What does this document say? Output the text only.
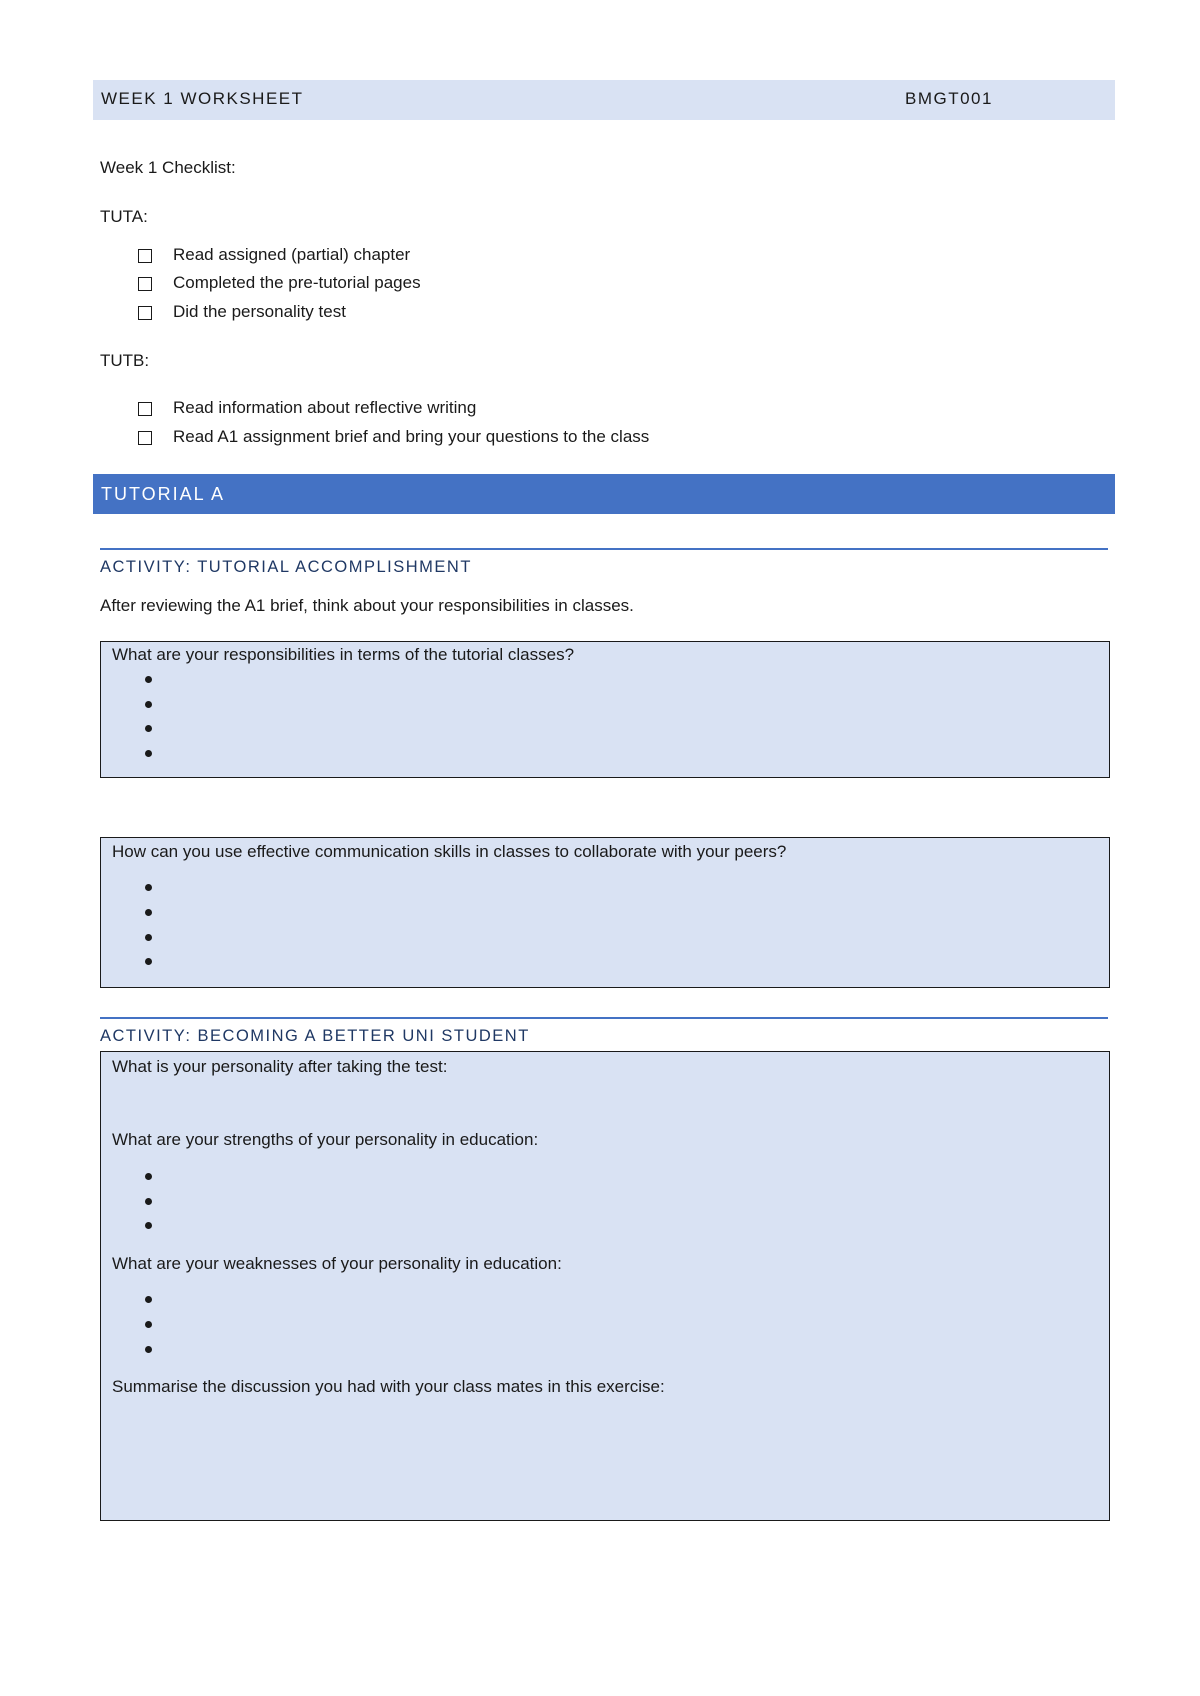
WEEK 1 WORKSHEET	BMGT001
Week 1 Checklist:
TUTA:
Read assigned (partial) chapter
Completed the pre-tutorial pages
Did the personality test
TUTB:
Read information about reflective writing
Read A1 assignment brief and bring your questions to the class
TUTORIAL A
ACTIVITY: TUTORIAL ACCOMPLISHMENT
After reviewing the A1 brief, think about your responsibilities in classes.
What are your responsibilities in terms of the tutorial classes?
How can you use effective communication skills in classes to collaborate with your peers?
ACTIVITY: BECOMING A BETTER UNI STUDENT
What is your personality after taking the test:
What are your strengths of your personality in education:
What are your weaknesses of your personality in education:
Summarise the discussion you had with your class mates in this exercise:
